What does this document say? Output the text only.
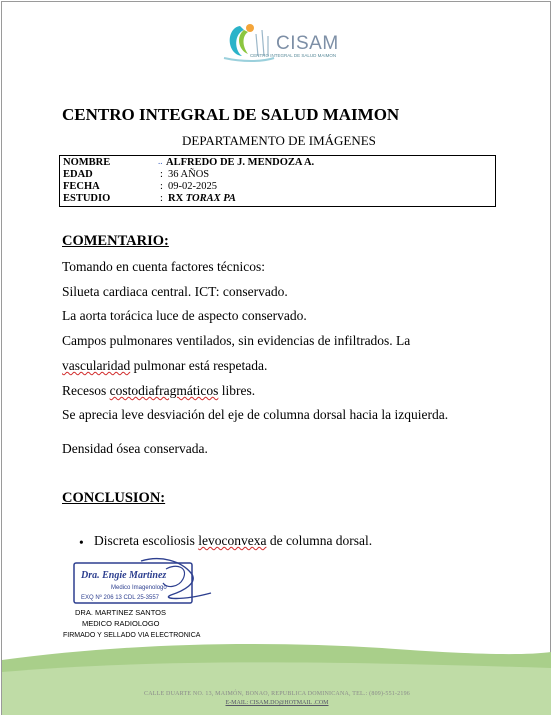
CISAM
CENTRO INTEGRAL DE SALUD MAIMON
CENTRO INTEGRAL DE SALUD MAIMON
DEPARTAMENTO DE IMÁGENES
NOMBRE	.. ALFREDO DE J. MENDOZA A.
EDAD	: 36 AÑOS
FECHA	: 09-02-2025
ESTUDIO	: RX TORAX PA
COMENTARIO:
Tomando en cuenta factores técnicos:
Silueta cardiaca central. ICT: conservado.
La aorta torácica luce de aspecto conservado.
Campos pulmonares ventilados, sin evidencias de infiltrados. La
vascularidad pulmonar está respetada.
Recesos costodiafragmáticos libres.
Se aprecia leve desviación del eje de columna dorsal hacia la izquierda.
Densidad ósea conservada.
CONCLUSION:
• Discreta escoliosis levoconvexa de columna dorsal.
Dra. Engie Martinez
Medico Imagenologo
EXQ Nº 206 13 CDL 25-3557
DRA. MARTINEZ SANTOS
MEDICO RADIOLOGO
FIRMADO Y SELLADO VIA ELECTRONICA
CALLE DUARTE NO. 13, MAIMÓN, BONAO, REPUBLICA DOMINICANA, TEL.: (809)-551-2196
E-MAIL: CISAM.DO@HOTMAIL .COM
